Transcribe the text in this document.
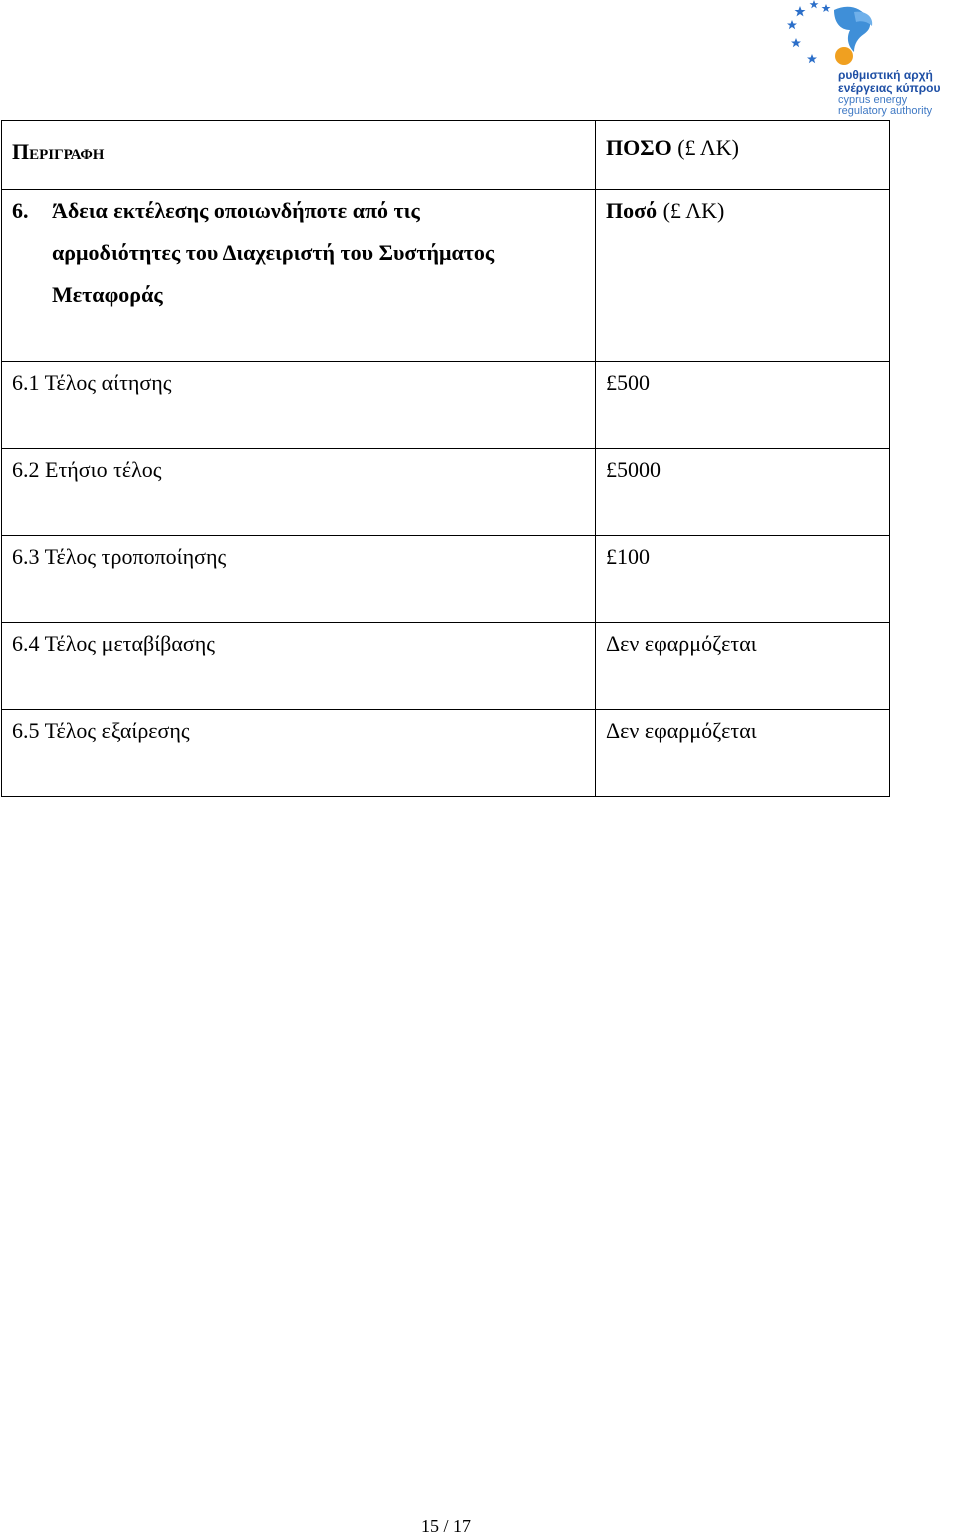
ρυθμιστική αρχή
ενέργειας κύπρου
cyprus energy
regulatory authority
Περιγραφη	ΠΟΣΟ (£ ΛΚ)

6. Άδεια εκτέλεσης οποιωνδήποτε από τις
αρμοδιότητες του Διαχειριστή του Συστήματος
Μεταφοράς	Ποσό (£ ΛΚ)
6.1 Τέλος αίτησης	£500
6.2 Ετήσιο τέλος	£5000
6.3 Τέλος τροποποίησης	£100
6.4 Τέλος μεταβίβασης	Δεν εφαρμόζεται
6.5 Τέλος εξαίρεσης	Δεν εφαρμόζεται
15 / 17
